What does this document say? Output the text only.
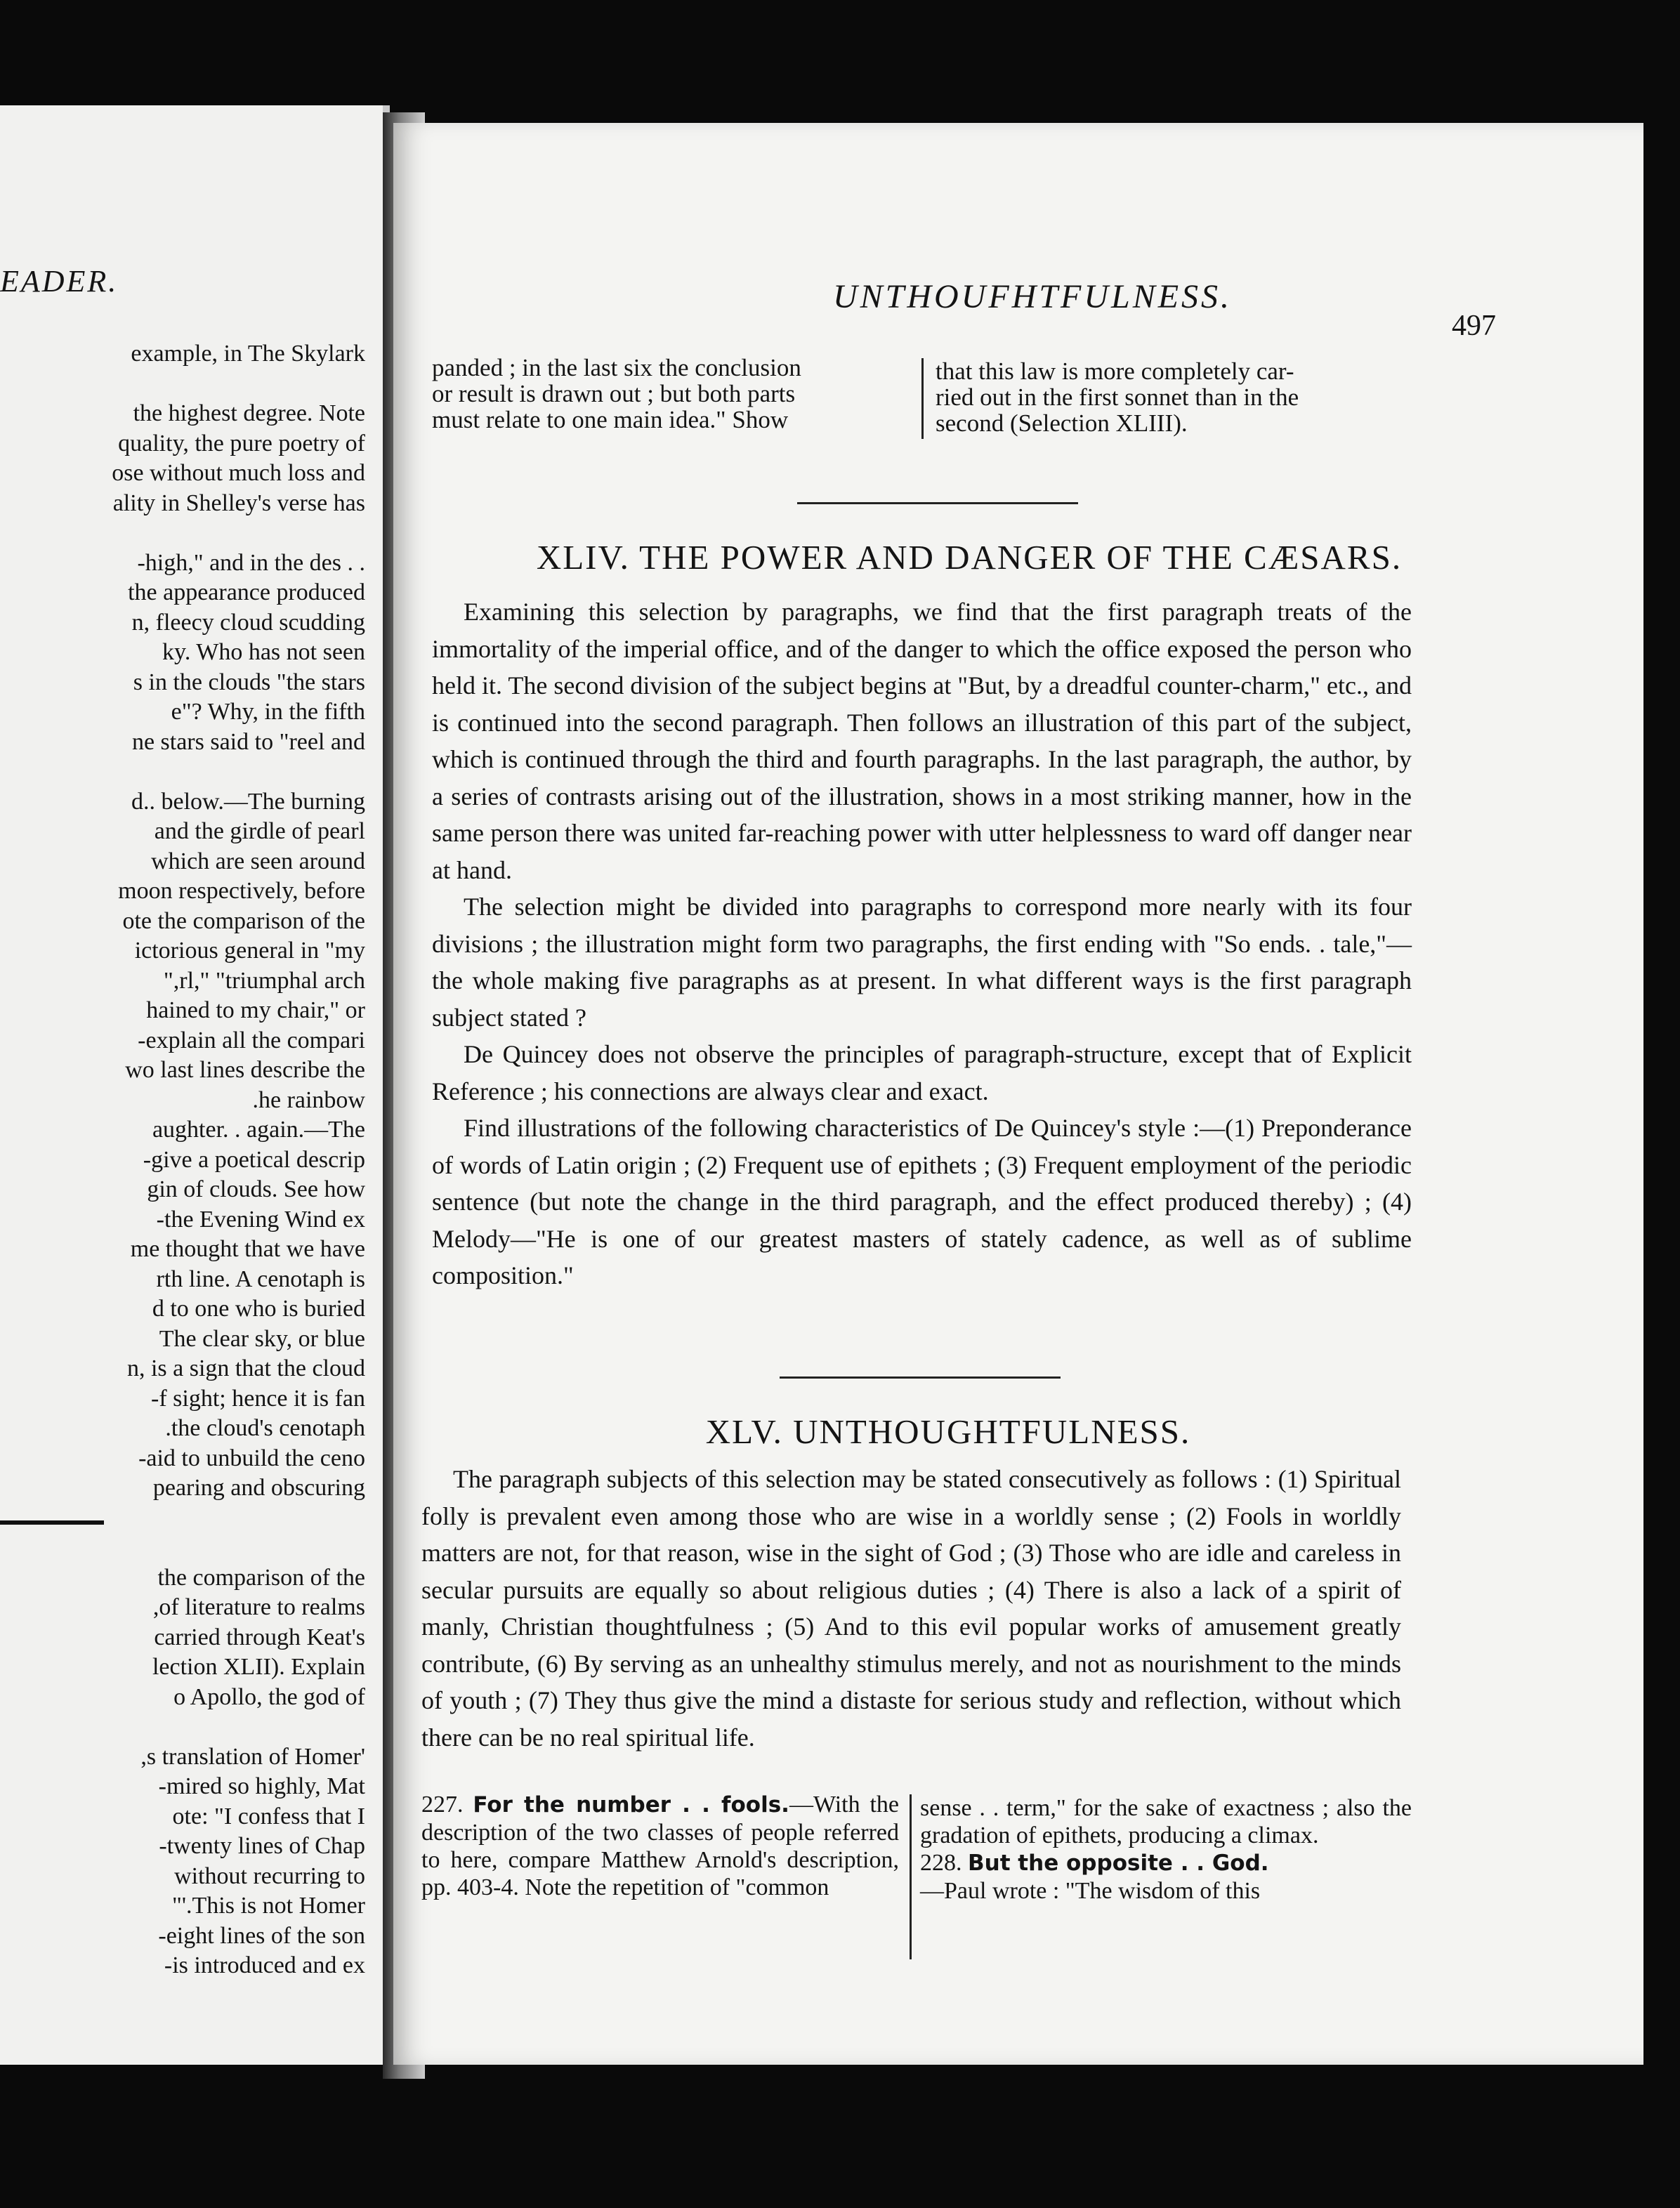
EADER.
example, in The Skylark
the highest degree. Note
quality, the pure poetry of
ose without much loss and
ality in Shelley's verse has
. . high," and in the des-
the appearance produced
n, fleecy cloud scudding
ky. Who has not seen
s in the clouds "the stars
e"? Why, in the fifth
ne stars said to "reel and
d.. below.—The burning
and the girdle of pearl
which are seen around
moon respectively, before
ote the comparison of the
ictorious general in "my
rl," "triumphal arch,"
hained to my chair," or
explain all the compari-
wo last lines describe the
he rainbow.
aughter. . again.—The
give a poetical descrip-
gin of clouds. See how
the Evening Wind ex-
me thought that we have
rth line. A cenotaph is
d to one who is buried
The clear sky, or blue
n, is a sign that the cloud
f sight; hence it is fan-
the cloud's cenotaph.
aid to unbuild the ceno-
pearing and obscuring
the comparison of the
of literature to realms,
carried through Keat's
lection XLII). Explain
o Apollo, the god of
's translation of Homer,
mired so highly, Mat-
ote: "I confess that I
twenty lines of Chap-
without recurring to
This is not Homer.'"
eight lines of the son-
is introduced and ex-
UNTHOUFHTFULNESS.
497
panded ; in the last six the conclusion
or result is drawn out ; but both parts
must relate to one main idea." Show
that this law is more completely car-
ried out in the first sonnet than in the
second (Selection XLIII).
XLIV. THE POWER AND DANGER OF THE CÆSARS.

Examining this selection by paragraphs, we find that the first paragraph treats of the immortality of the imperial office, and of the danger to which the office exposed the person who held it. The second division of the subject begins at "But, by a dreadful counter-charm," etc., and is continued into the second paragraph. Then follows an illustration of this part of the subject, which is continued through the third and fourth paragraphs. In the last paragraph, the author, by a series of contrasts arising out of the illustration, shows in a most striking manner, how in the same person there was united far-reaching power with utter helplessness to ward off danger near at hand.

The selection might be divided into paragraphs to correspond more nearly with its four divisions ; the illustration might form two paragraphs, the first ending with "So ends. . tale,"—the whole making five paragraphs as at present. In what different ways is the first paragraph subject stated ?

De Quincey does not observe the principles of paragraph-structure, except that of Explicit Reference ; his connections are always clear and exact.

Find illustrations of the following characteristics of De Quincey's style :—(1) Preponderance of words of Latin origin ; (2) Frequent use of epithets ; (3) Frequent employment of the periodic sentence (but note the change in the third paragraph, and the effect produced thereby) ; (4) Melody—"He is one of our greatest masters of stately cadence, as well as of sublime composition."

XLV. UNTHOUGHTFULNESS.

The paragraph subjects of this selection may be stated consecutively as follows : (1) Spiritual folly is prevalent even among those who are wise in a worldly sense ; (2) Fools in worldly matters are not, for that reason, wise in the sight of God ; (3) Those who are idle and careless in secular pursuits are equally so about religious duties ; (4) There is also a lack of a spirit of manly, Christian thoughtfulness ; (5) And to this evil popular works of amusement greatly contribute, (6) By serving as an unhealthy stimulus merely, and not as nourishment to the minds of youth ; (7) They thus give the mind a distaste for serious study and reflection, without which there can be no real spiritual life.

227. For the number . . fools.—With the description of the two classes of people referred to here, compare Matthew Arnold's description, pp. 403-4. Note the repetition of "common
sense . . term," for the sake of exactness ; also the gradation of epithets, producing a climax.
228. But the opposite . . God.
—Paul wrote : "The wisdom of this
